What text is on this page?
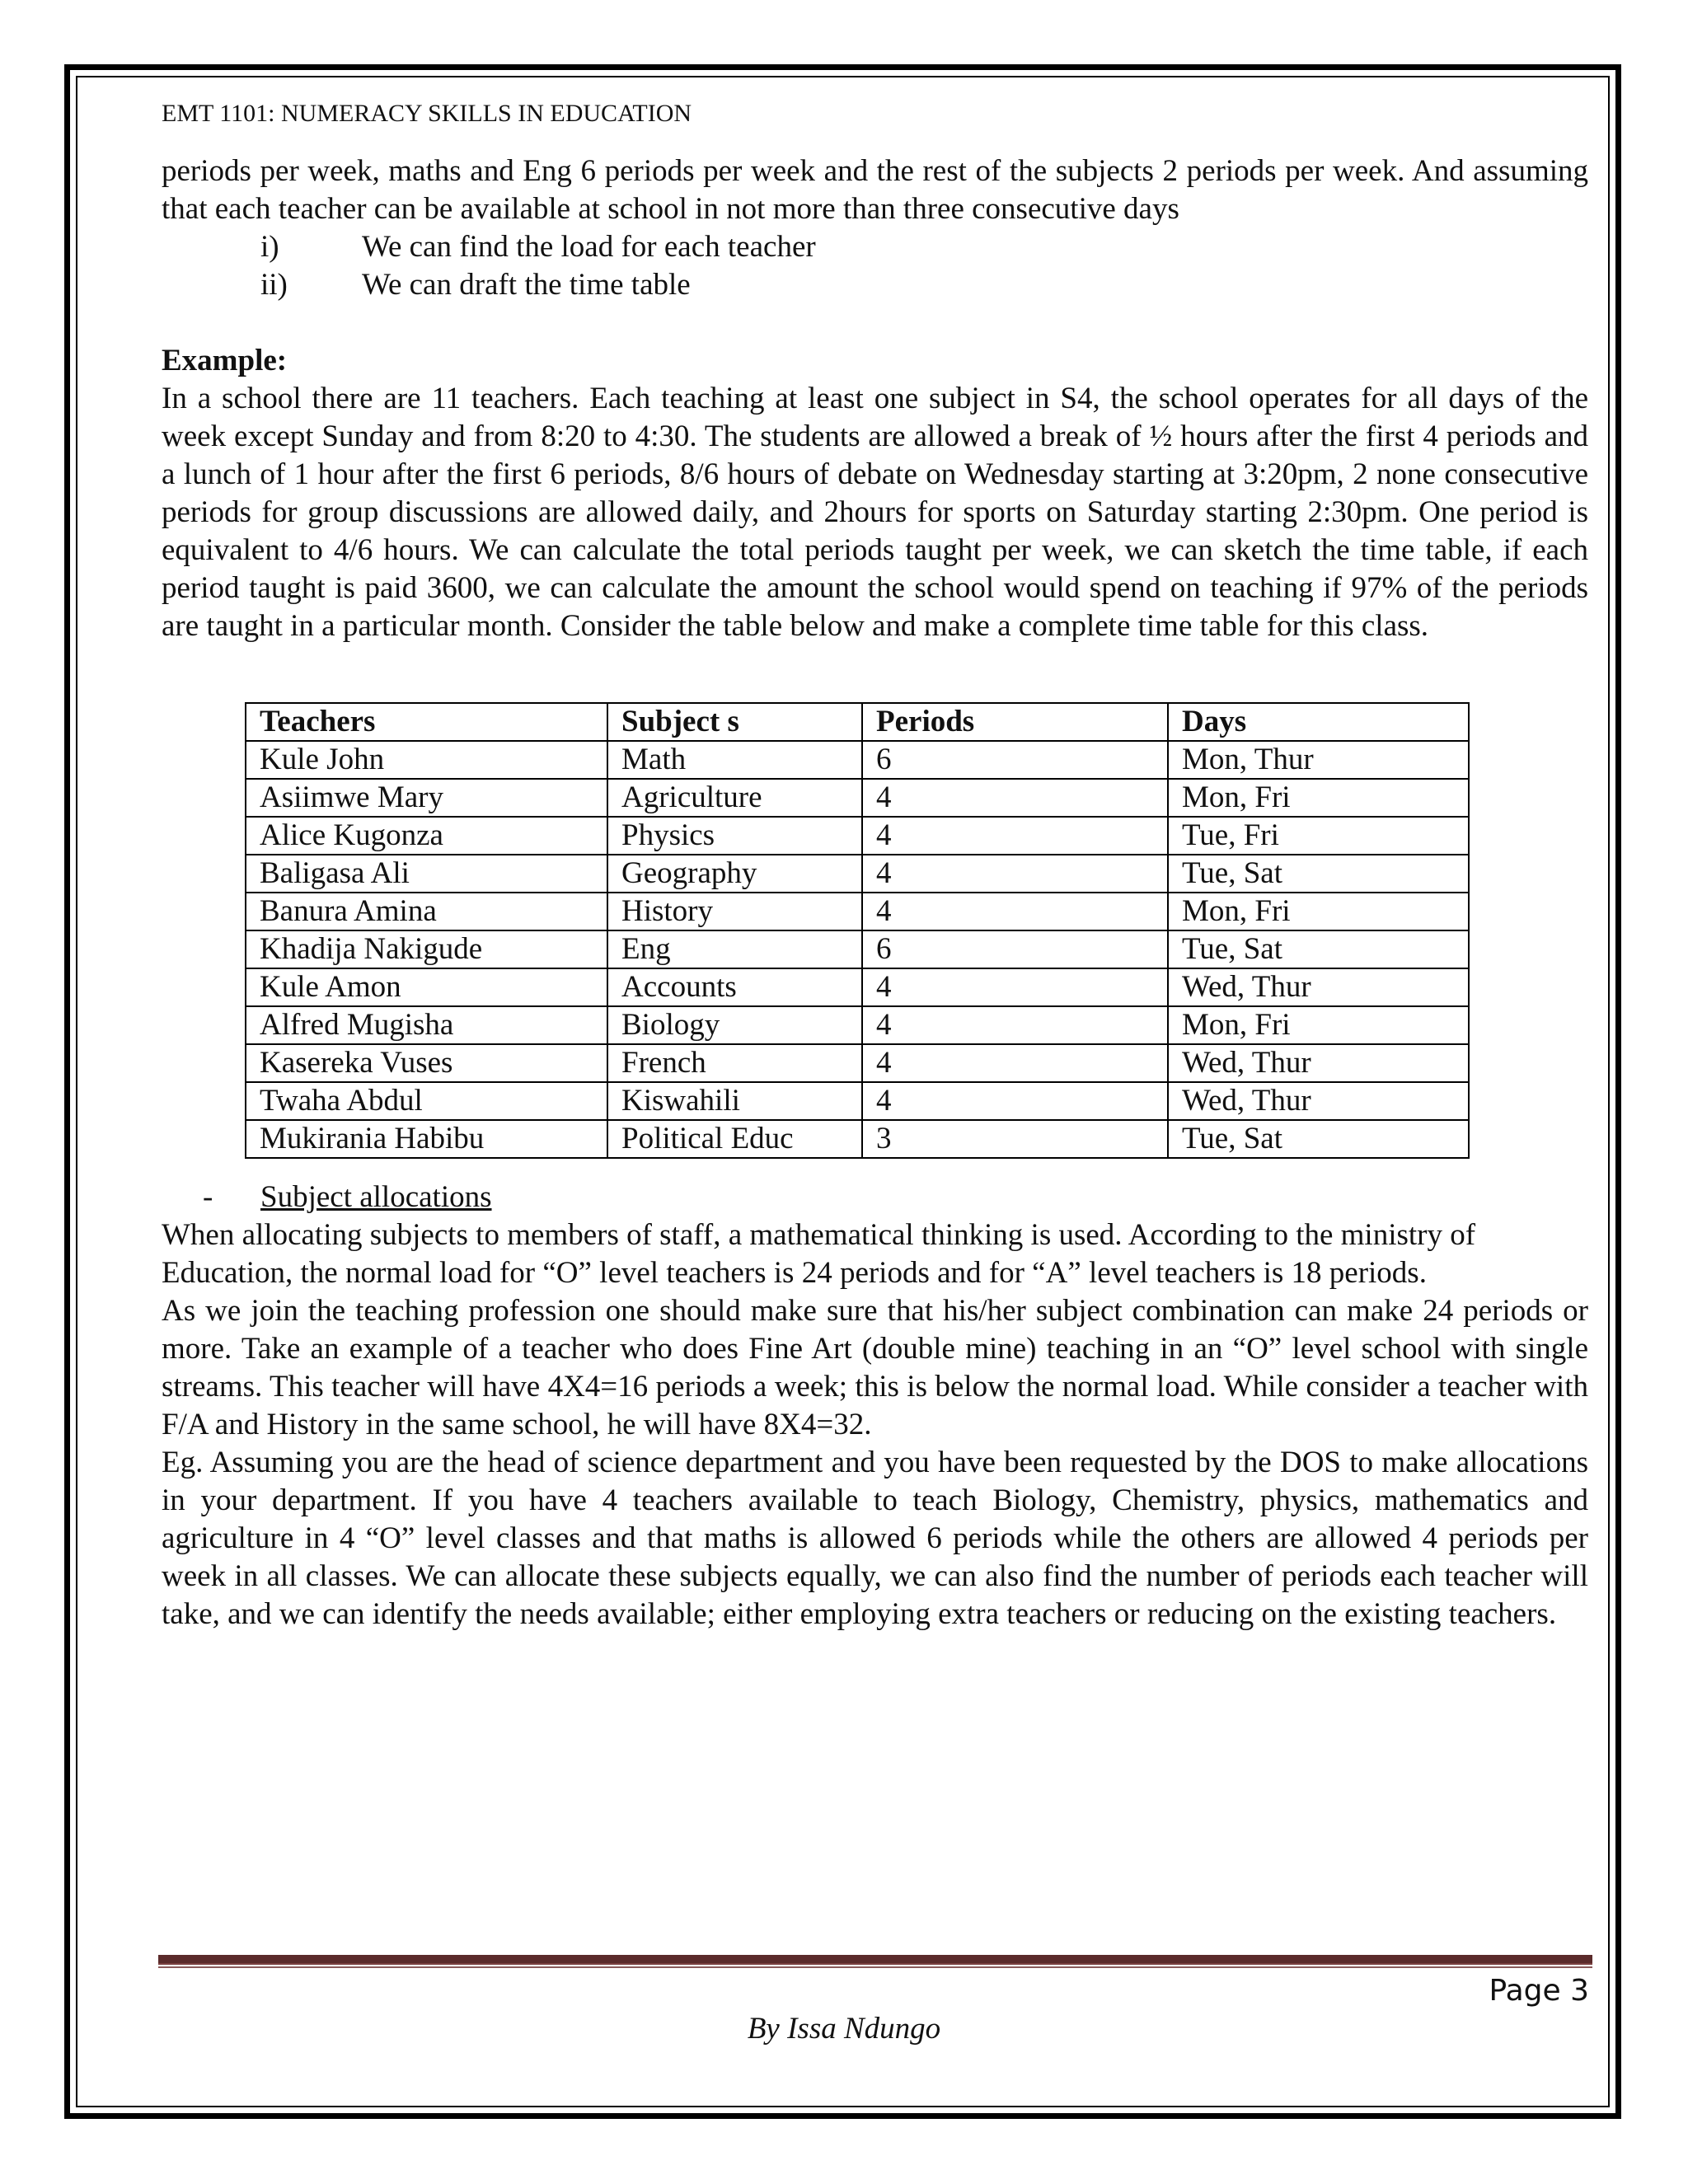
EMT 1101: NUMERACY SKILLS IN EDUCATION

periods per week, maths and Eng 6 periods per week and the rest of the subjects 2 periods per week. And assuming that each teacher can be available at school in not more than three consecutive days

i)	We can find the load for each teacher
ii) We can draft the time table
Example:

In a school there are 11 teachers. Each teaching at least one subject in S4, the school operates for all days of the week except Sunday and from 8:20 to 4:30. The students are allowed a break of ½ hours after the first 4 periods and a lunch of 1 hour after the first 6 periods, 8/6 hours of debate on Wednesday starting at 3:20pm, 2 none consecutive periods for group discussions are allowed daily, and 2hours for sports on Saturday starting 2:30pm. One period is equivalent to 4/6 hours. We can calculate the total periods taught per week, we can sketch the time table, if each period taught is paid 3600, we can calculate the amount the school would spend on teaching if 97% of the periods are taught in a particular month. Consider the table below and make a complete time table for this class.

Teachers	Subject s	Periods	Days
Kule John	Math	6	Mon, Thur
Asiimwe Mary	Agriculture	4	Mon, Fri
Alice Kugonza	Physics	4	Tue, Fri
Baligasa Ali	Geography	4	Tue, Sat
Banura Amina	History	4	Mon, Fri
Khadija Nakigude	Eng	6	Tue, Sat
Kule Amon	Accounts	4	Wed, Thur
Alfred Mugisha	Biology	4	Mon, Fri
Kasereka Vuses	French	4	Wed, Thur
Twaha Abdul	Kiswahili	4	Wed, Thur
Mukirania Habibu	Political Educ	3	Tue, Sat
- Subject allocations

When allocating subjects to members of staff, a mathematical thinking is used. According to the ministry of Education, the normal load for “O” level teachers is 24 periods and for “A” level teachers is 18 periods.

As we join the teaching profession one should make sure that his/her subject combination can make 24 periods or more. Take an example of a teacher who does Fine Art (double mine) teaching in an “O” level school with single streams. This teacher will have 4X4=16 periods a week; this is below the normal load. While consider a teacher with F/A and History in the same school, he will have 8X4=32.

Eg. Assuming you are the head of science department and you have been requested by the DOS to make allocations in your department. If you have 4 teachers available to teach Biology, Chemistry, physics, mathematics and agriculture in 4 “O” level classes and that maths is allowed 6 periods while the others are allowed 4 periods per week in all classes. We can allocate these subjects equally, we can also find the number of periods each teacher will take, and we can identify the needs available; either employing extra teachers or reducing on the existing teachers.

Page 3
By Issa Ndungo
